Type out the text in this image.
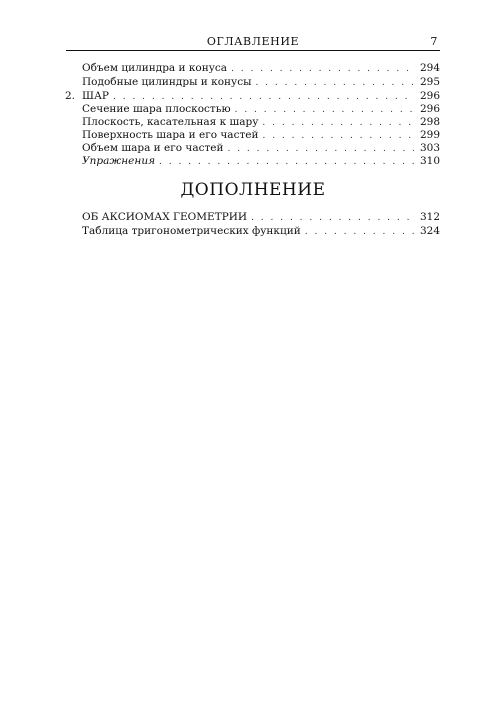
ОГЛАВЛЕНИЕ	7
Объем цилиндра и конуса . . .	294
Подобные цилиндры и конусы . . .	295
2. ШАР . . .	296
Сечение шара плоскостью . . .	296
Плоскость, касательная к шару . . .	298
Поверхность шара и его частей . . .	299
Объем шара и его частей . . .	303
Упражнения . . .	310
ДОПОЛНЕНИЕ
ОБ АКСИОМАХ ГЕОМЕТРИИ . . .	312
Таблица тригонометрических функций . . .	324
